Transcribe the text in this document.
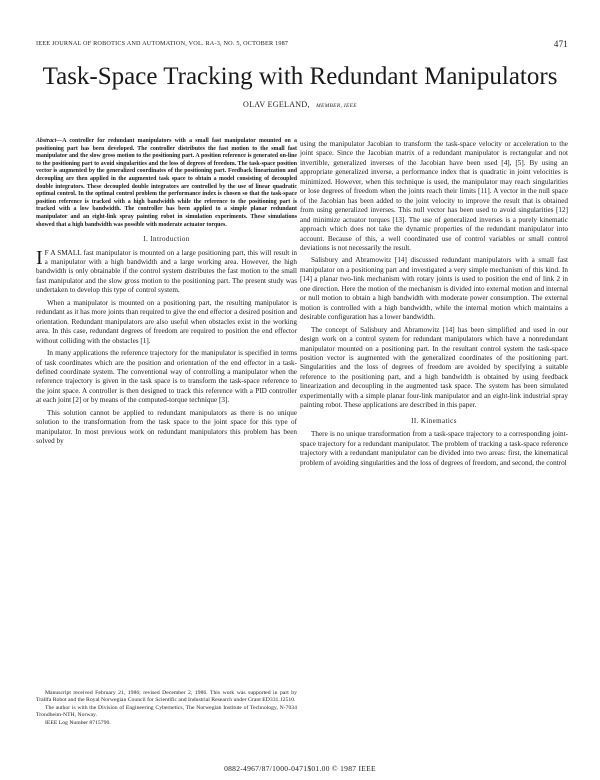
IEEE JOURNAL OF ROBOTICS AND AUTOMATION, VOL. RA-3, NO. 5, OCTOBER 1987	471
Task-Space Tracking with Redundant Manipulators
OLAV EGELAND, MEMBER, IEEE
Abstract—A controller for redundant manipulators with a small fast manipulator mounted on a positioning part has been developed. The controller distributes the fast motion to the small fast manipulator and the slow gross motion to the positioning part. A position reference is generated on-line to the positioning part to avoid singularities and the loss of degrees of freedom. The task-space position vector is augmented by the generalized coordinates of the positioning part. Feedback linearization and decoupling are then applied in the augmented task space to obtain a model consisting of decoupled double integrators. These decoupled double integrators are controlled by the use of linear quadratic optimal control. In the optimal control problem the performance index is chosen so that the task-space position reference is tracked with a high bandwidth while the reference to the positioning part is tracked with a low bandwidth. The controller has been applied to a simple planar redundant manipulator and an eight-link spray painting robot in simulation experiments. These simulations showed that a high bandwidth was possible with moderate actuator torques.
I. Introduction

I F A SMALL fast manipulator is mounted on a large positioning part, this will result in a manipulator with a high bandwidth and a large working area. However, the high bandwidth is only obtainable if the control system distributes the fast motion to the small fast manipulator and the slow gross motion to the positioning part. The present study was undertaken to develop this type of control system.

When a manipulator is mounted on a positioning part, the resulting manipulator is redundant as it has more joints than required to give the end effector a desired position and orientation. Redundant manipulators are also useful when obstacles exist in the working area. In this case, redundant degrees of freedom are required to position the end effector without colliding with the obstacles [1].

In many applications the reference trajectory for the manipulator is specified in terms of task coordinates which are the position and orientation of the end effector in a task-defined coordinate system. The conventional way of controlling a manipulator when the reference trajectory is given in the task space is to transform the task-space reference to the joint space. A controller is then designed to track this reference with a PID controller at each joint [2] or by means of the computed-torque technique [3].

This solution cannot be applied to redundant manipulators as there is no unique solution to the transformation from the task space to the joint space for this type of manipulator. In most previous work on redundant manipulators this problem has been solved by

using the manipulator Jacobian to transform the task-space velocity or acceleration to the joint space. Since the Jacobian matrix of a redundant manipulator is rectangular and not invertible, generalized inverses of the Jacobian have been used [4], [5]. By using an appropriate generalized inverse, a performance index that is quadratic in joint velocities is minimized. However, when this technique is used, the manipulator may reach singularities or lose degrees of freedom when the joints reach their limits [11]. A vector in the null space of the Jacobian has been added to the joint velocity to improve the result that is obtained from using generalized inverses. This null vector has been used to avoid singularities [12] and minimize actuator torques [13]. The use of generalized inverses is a purely kinematic approach which does not take the dynamic properties of the redundant manipulator into account. Because of this, a well coordinated use of control variables or small control deviations is not necessarily the result.

Salisbury and Abramowitz [14] discussed redundant manipulators with a small fast manipulator on a positioning part and investigated a very simple mechanism of this kind. In [14] a planar two-link mechanism with rotary joints is used to position the end of link 2 in one direction. Here the motion of the mechanism is divided into external motion and internal or null motion to obtain a high bandwidth with moderate power consumption. The external motion is controlled with a high bandwidth, while the internal motion which maintains a desirable configuration has a lower bandwidth.

The concept of Salisbury and Abramowitz [14] has been simplified and used in our design work on a control system for redundant manipulators which have a nonredundant manipulator mounted on a positioning part. In the resultant control system the task-space position vector is augmented with the generalized coordinates of the positioning part. Singularities and the loss of degrees of freedom are avoided by specifying a suitable reference to the positioning part, and a high bandwidth is obtained by using feedback linearization and decoupling in the augmented task space. The system has been simulated experimentally with a simple planar four-link manipulator and an eight-link industrial spray painting robot. These applications are described in this paper.

II. Kinematics

There is no unique transformation from a task-space trajectory to a corresponding joint-space trajectory for a redundant manipulator. The problem of tracking a task-space reference trajectory with a redundant manipulator can be divided into two areas: first, the kinematical problem of avoiding singularities and the loss of degrees of freedom, and second, the control

Manuscript received February 21, 1986; revised December 2, 1986. This work was supported in part by Trallfa Robot and the Royal Norwegian Council for Scientific and Industrial Research under Grant ED331.12510.

The author is with the Division of Engineering Cybernetics, The Norwegian Institute of Technology, N-7034 Trondheim-NTH, Norway.

IEEE Log Number 8715790.

0882-4967/87/1000-0471$01.00 © 1987 IEEE
